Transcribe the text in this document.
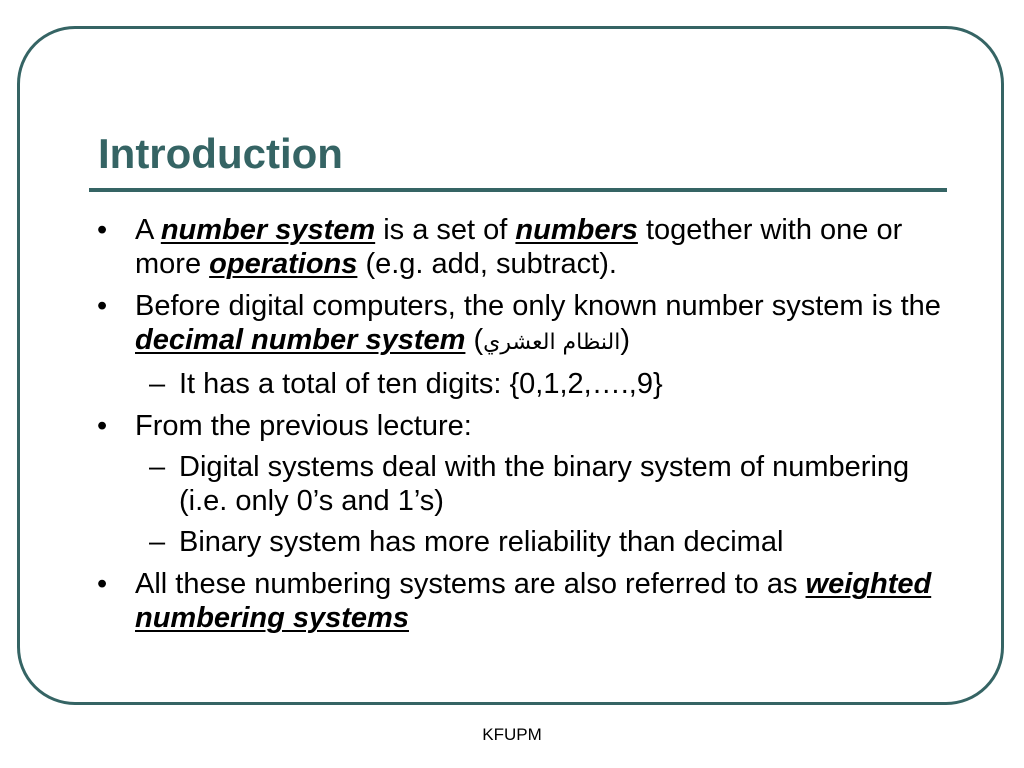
Introduction

• A number system is a set of numbers together with one or more operations (e.g. add, subtract).

• Before digital computers, the only known number system is the decimal number system (النظام العشري)

– It has a total of ten digits: {0,1,2,….,9}

• From the previous lecture:

– Digital systems deal with the binary system of numbering (i.e. only 0’s and 1’s)

– Binary system has more reliability than decimal

• All these numbering systems are also referred to as weighted numbering systems

KFUPM
